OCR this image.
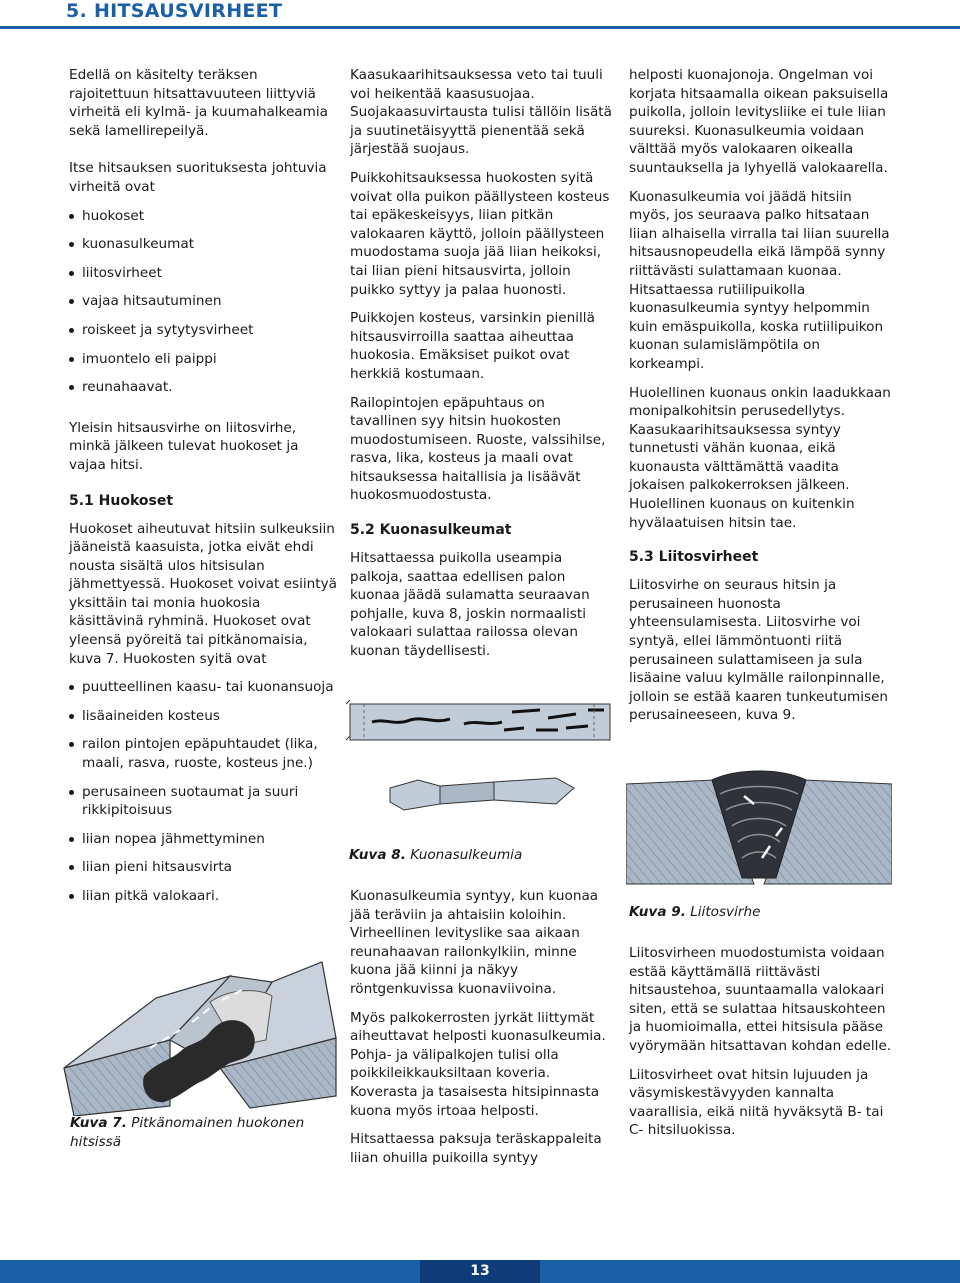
5. HITSAUSVIRHEET

Edellä on käsitelty teräksen rajoitettuun hitsattavuuteen liittyviä virheitä eli kylmä- ja kuumahalkeamia sekä lamellirepeilyä.

Itse hitsauksen suorituksesta johtuvia virheitä ovat

huokoset
kuonasulkeumat
liitosvirheet
vajaa hitsautuminen
roiskeet ja sytytysvirheet
imuontelo eli paippi
reunahaavat.

Yleisin hitsausvirhe on liitosvirhe, minkä jälkeen tulevat huokoset ja vajaa hitsi.

5.1 Huokoset

Huokoset aiheutuvat hitsiin sulkeuksiin jääneistä kaasuista, jotka eivät ehdi nousta sisältä ulos hitsisulan jähmettyessä. Huokoset voivat esiintyä yksittäin tai monia huokosia käsittävinä ryhminä. Huokoset ovat yleensä pyöreitä tai pitkänomaisia, kuva 7. Huokosten syitä ovat

puutteellinen kaasu- tai kuonansuoja
lisäaineiden kosteus
railon pintojen epäpuhtaudet (lika, maali, rasva, ruoste, kosteus jne.)
perusaineen suotaumat ja suuri rikkipitoisuus
liian nopea jähmettyminen
liian pieni hitsausvirta
liian pitkä valokaari.
Kuva 7. Pitkänomainen huokonen hitsissä

Kaasukaarihitsauksessa veto tai tuuli voi heikentää kaasusuojaa. Suojakaasuvirtausta tulisi tällöin lisätä ja suutinetäisyyttä pienentää sekä järjestää suojaus.

Puikkohitsauksessa huokosten syitä voivat olla puikon päällysteen kosteus tai epäkeskeisyys, liian pitkän valokaaren käyttö, jolloin päällysteen muodostama suoja jää liian heikoksi, tai liian pieni hitsausvirta, jolloin puikko syttyy ja palaa huonosti.

Puikkojen kosteus, varsinkin pienillä hitsausvirroilla saattaa aiheuttaa huokosia. Emäksiset puikot ovat herkkiä kostumaan.

Railopintojen epäpuhtaus on tavallinen syy hitsin huokosten muodostumiseen. Ruoste, valssihilse, rasva, lika, kosteus ja maali ovat hitsauksessa haitallisia ja lisäävät huokosmuodostusta.

5.2 Kuonasulkeumat

Hitsattaessa puikolla useampia palkoja, saattaa edellisen palon kuonaa jäädä sulamatta seuraavan pohjalle, kuva 8, joskin normaalisti valokaari sulattaa railossa olevan kuonan täydellisesti.

Kuva 8. Kuonasulkeumia

Kuonasulkeumia syntyy, kun kuonaa jää teräviin ja ahtaisiin koloihin. Virheellinen levityslike saa aikaan reunahaavan railonkylkiin, minne kuona jää kiinni ja näkyy röntgenkuvissa kuonaviivoina.

Myös palkokerrosten jyrkät liittymät aiheuttavat helposti kuonasulkeumia. Pohja- ja välipalkojen tulisi olla poikkileikkauksiltaan koveria. Koverasta ja tasaisesta hitsipinnasta kuona myös irtoaa helposti.

Hitsattaessa paksuja teräskappaleita liian ohuilla puikoilla syntyy

helposti kuonajonoja. Ongelman voi korjata hitsaamalla oikean paksuisella puikolla, jolloin levitysliike ei tule liian suureksi. Kuonasulkeumia voidaan välttää myös valokaaren oikealla suuntauksella ja lyhyellä valokaarella.

Kuonasulkeumia voi jäädä hitsiin myös, jos seuraava palko hitsataan liian alhaisella virralla tai liian suurella hitsausnopeudella eikä lämpöä synny riittävästi sulattamaan kuonaa. Hitsattaessa rutiilipuikolla kuonasulkeumia syntyy helpommin kuin emäspuikolla, koska rutiilipuikon kuonan sulamislämpötila on korkeampi.

Huolellinen kuonaus onkin laadukkaan monipalkohitsin perusedellytys. Kaasukaarihitsauksessa syntyy tunnetusti vähän kuonaa, eikä kuonausta välttämättä vaadita jokaisen palkokerroksen jälkeen. Huolellinen kuonaus on kuitenkin hyvälaatuisen hitsin tae.

5.3 Liitosvirheet

Liitosvirhe on seuraus hitsin ja perusaineen huonosta yhteensulamisesta. Liitosvirhe voi syntyä, ellei lämmöntuonti riitä perusaineen sulattamiseen ja sula lisäaine valuu kylmälle railonpinnalle, jolloin se estää kaaren tunkeutumisen perusaineeseen, kuva 9.

Kuva 9. Liitosvirhe

Liitosvirheen muodostumista voidaan estää käyttämällä riittävästi hitsaustehoa, suuntaamalla valokaari siten, että se sulattaa hitsauskohteen ja huomioimalla, ettei hitsisula pääse vyörymään hitsattavan kohdan edelle.

Liitosvirheet ovat hitsin lujuuden ja väsymiskestävyyden kannalta vaarallisia, eikä niitä hyväksytä B- tai C- hitsiluokissa.

13
